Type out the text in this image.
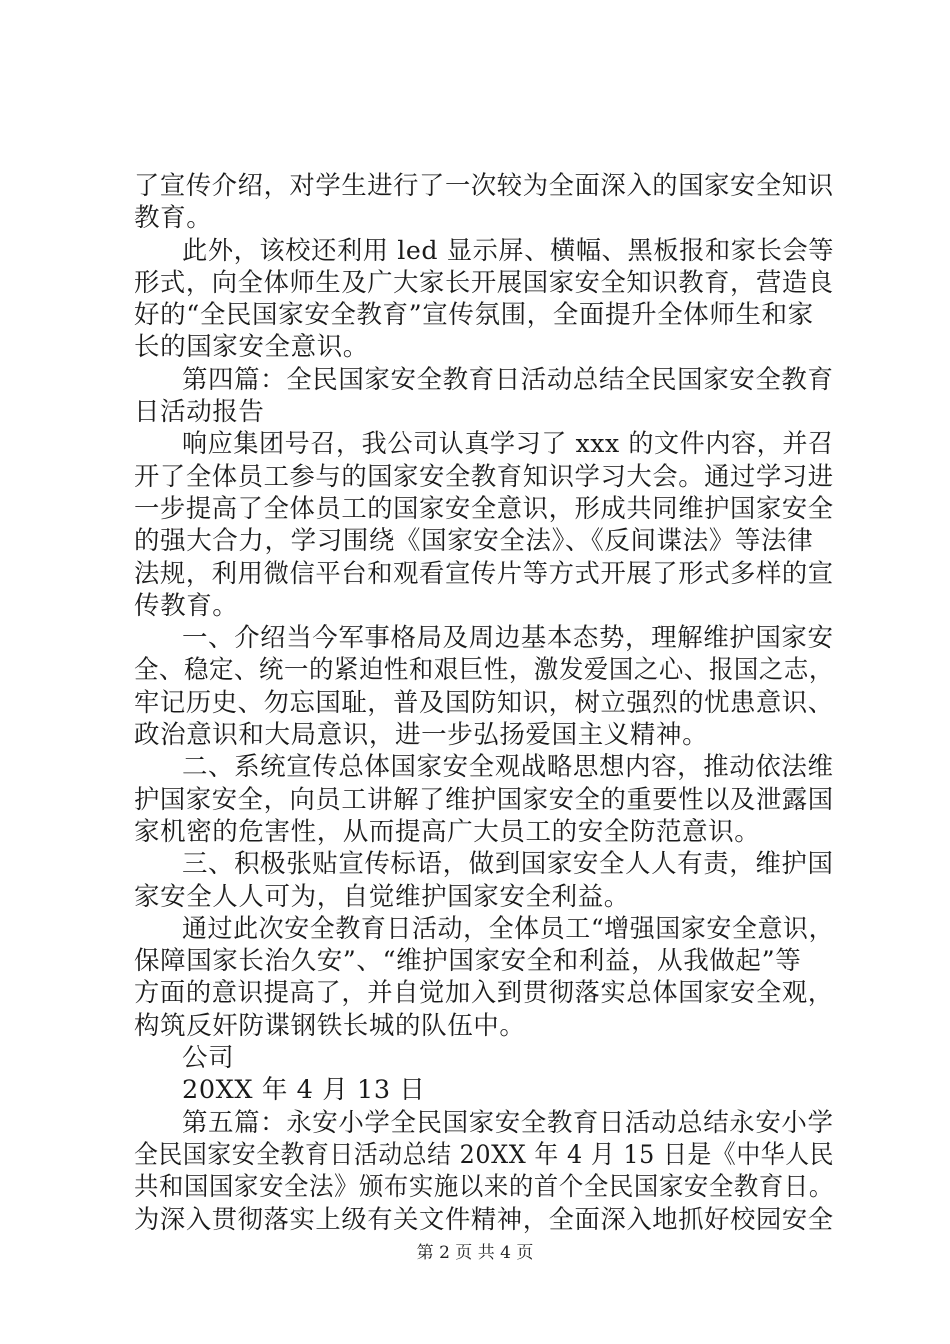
了宣传介绍，对学生进行了一次较为全面深入的国家安全知识
教育。
此外，该校还利用 led 显示屏、横幅、黑板报和家长会等
形式，向全体师生及广大家长开展国家安全知识教育，营造良
好的“全民国家安全教育”宣传氛围，全面提升全体师生和家
长的国家安全意识。
第四篇：全民国家安全教育日活动总结全民国家安全教育
日活动报告
响应集团号召，我公司认真学习了 xxx 的文件内容，并召
开了全体员工参与的国家安全教育知识学习大会。通过学习进
一步提高了全体员工的国家安全意识，形成共同维护国家安全
的强大合力，学习围绕《国家安全法》、《反间谍法》等法律
法规，利用微信平台和观看宣传片等方式开展了形式多样的宣
传教育。
一、介绍当今军事格局及周边基本态势，理解维护国家安
全、稳定、统一的紧迫性和艰巨性，激发爱国之心、报国之志，
牢记历史、勿忘国耻，普及国防知识，树立强烈的忧患意识、
政治意识和大局意识，进一步弘扬爱国主义精神。
二、系统宣传总体国家安全观战略思想内容，推动依法维
护国家安全，向员工讲解了维护国家安全的重要性以及泄露国
家机密的危害性，从而提高广大员工的安全防范意识。
三、积极张贴宣传标语，做到国家安全人人有责，维护国
家安全人人可为，自觉维护国家安全利益。
通过此次安全教育日活动，全体员工“增强国家安全意识，
保障国家长治久安”、“维护国家安全和利益，从我做起”等
方面的意识提高了，并自觉加入到贯彻落实总体国家安全观，
构筑反奸防谍钢铁长城的队伍中。
公司
20XX 年 4 月 13 日
第五篇：永安小学全民国家安全教育日活动总结永安小学
全民国家安全教育日活动总结 20XX 年 4 月 15 日是《中华人民
共和国国家安全法》颁布实施以来的首个全民国家安全教育日。
为深入贯彻落实上级有关文件精神，全面深入地抓好校园安全
第 2 页 共 4 页
